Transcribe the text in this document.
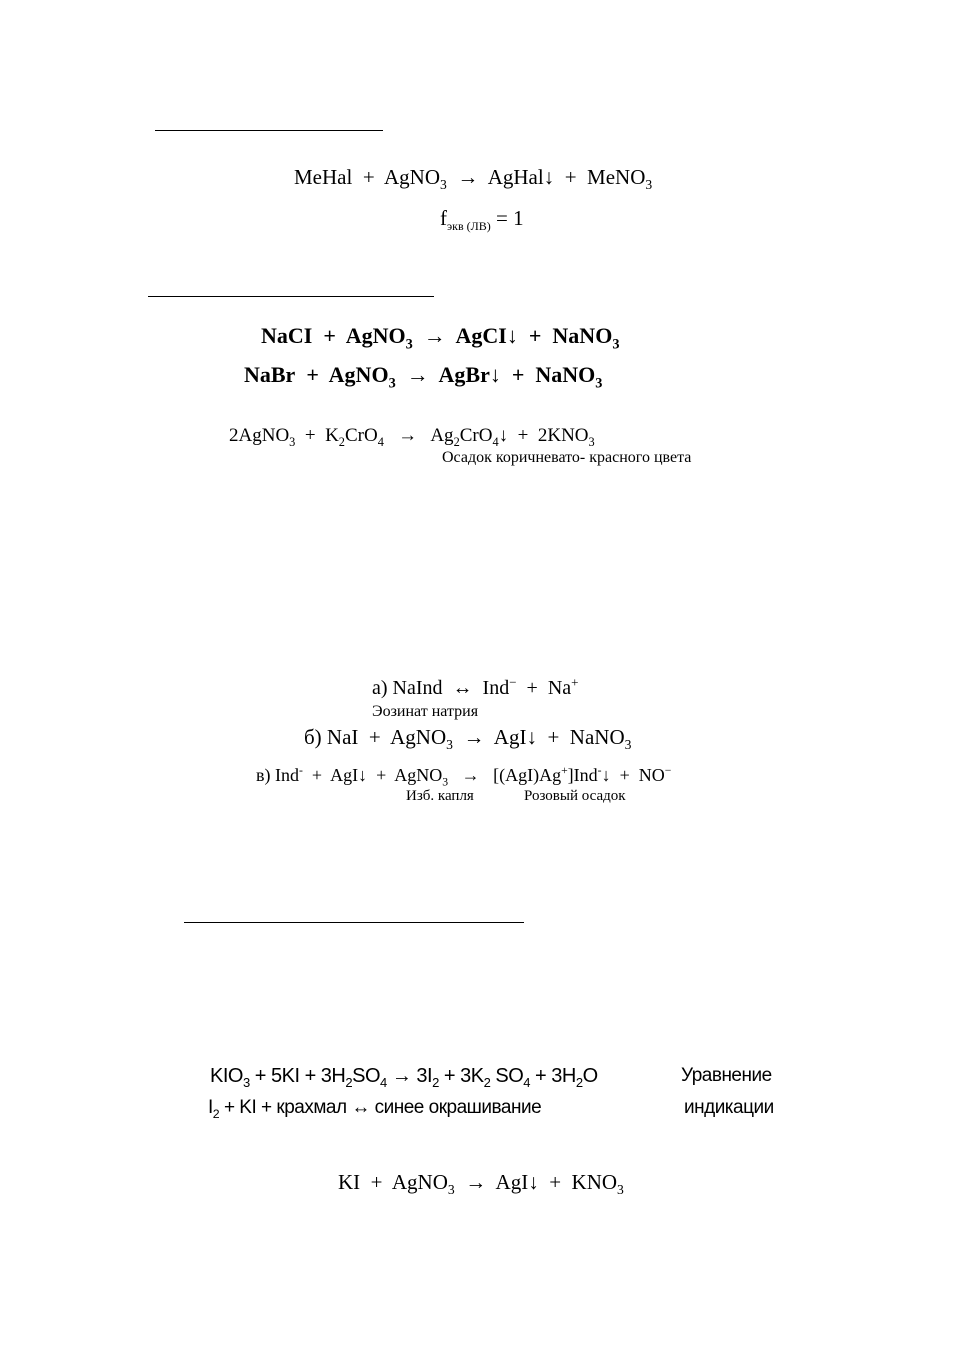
MeHal + AgNO$_3$ → AgHal↓ + MeNO$_3$
$f_{экв (ЛВ)} = 1$
NaCI + AgNO$_3$ → AgCI↓ + NaNO$_3$
NaBr + AgNO$_3$ → AgBr↓ + NaNO$_3$
2AgNO$_3$ + $K_2CrO_4$ → $Ag_2CrO_4↓ + 2KNO_3$
Осадок коричневато- красного цвета
а) NaInd ↔ Ind− + Na+
Эозинат натрия
б) NaI + AgNO$_3$ → AgI↓ + NaNO$_3$
в) Ind- + AgI↓ + AgNO$_3$ → [(AgI)Ag+]Ind-↓ + NO−
Изб. капля	Розовый осадок
$KIO_3 + 5KI + 3H_2SO_4 \to 3I_2 + 3K_2$ $SO_4 + 3H_2O$	Уравнение
$I_2$ + KI + крахмал ↔ синее окрашивание	индикации
KI + AgNO$_3$ → AgI↓ + $KNO_3$
